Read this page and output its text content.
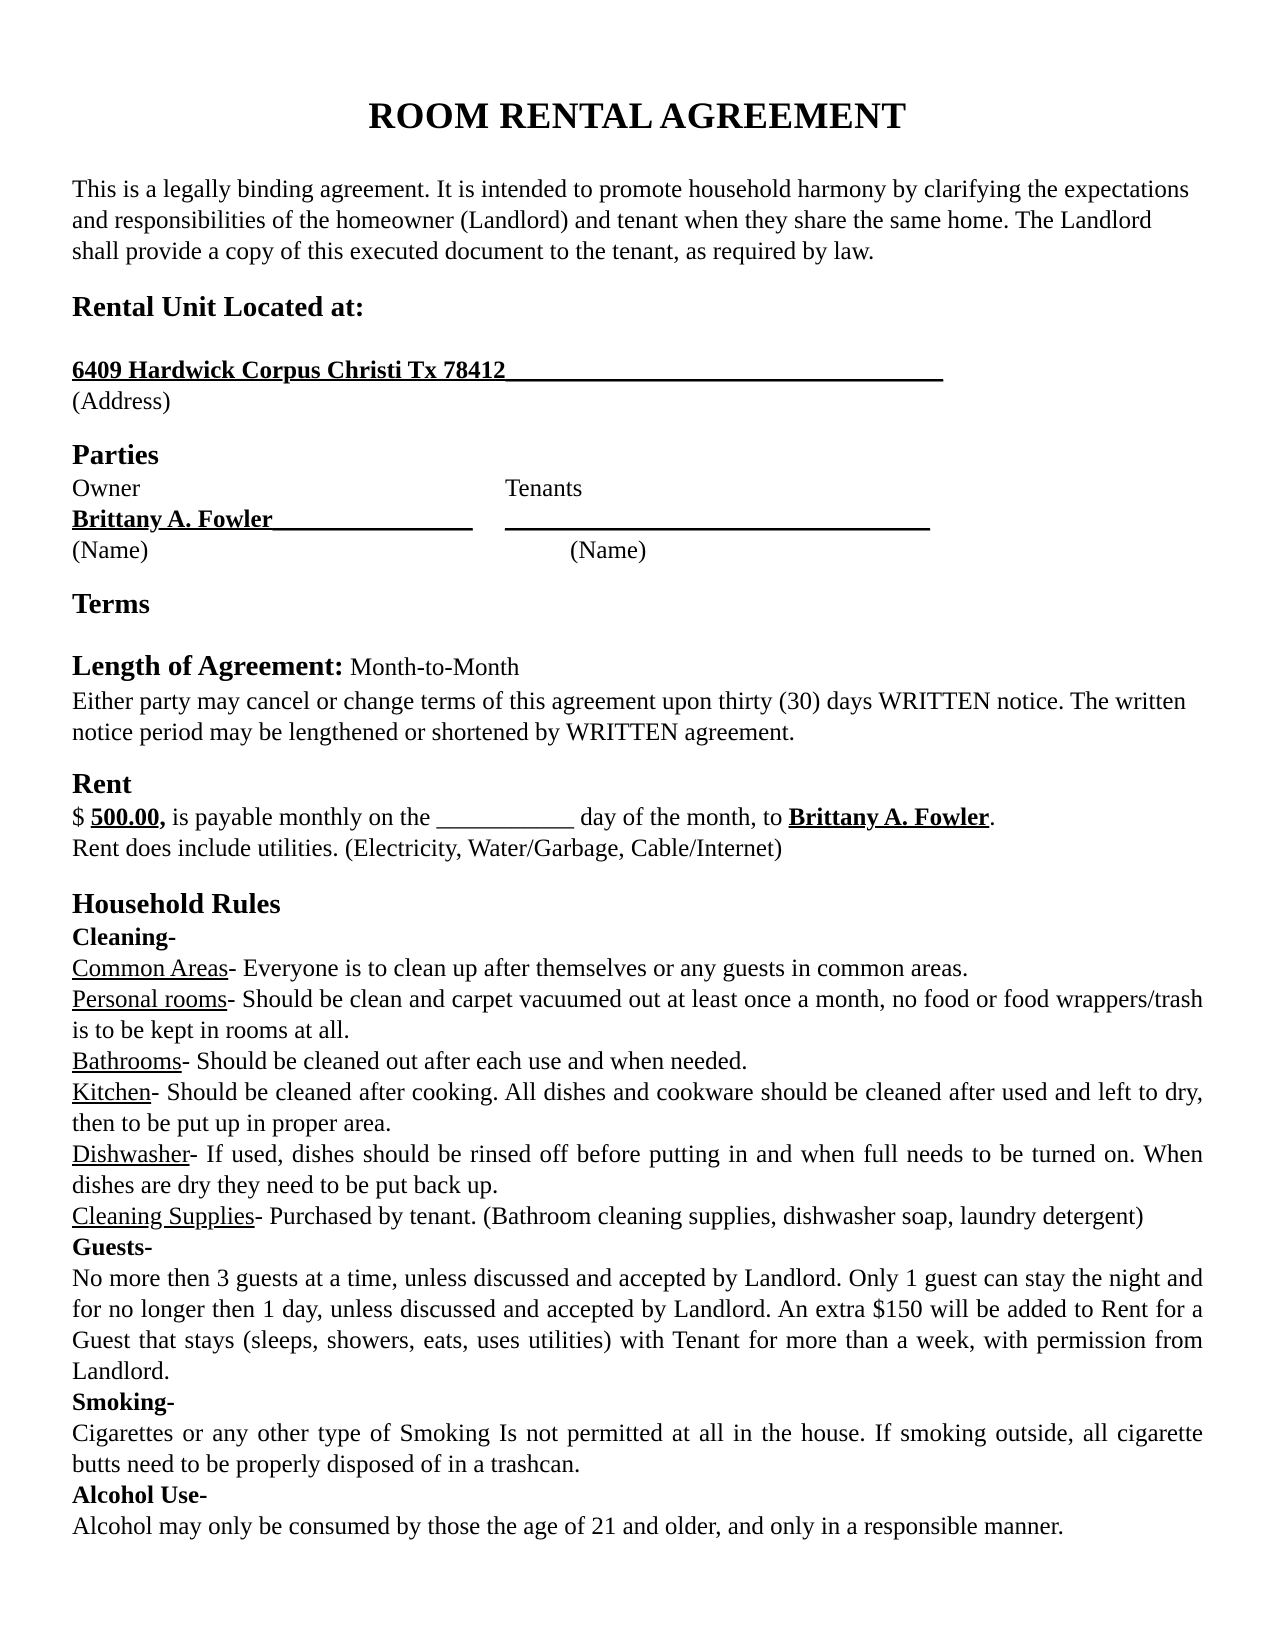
ROOM RENTAL AGREEMENT

This is a legally binding agreement. It is intended to promote household harmony by clarifying the expectations and responsibilities of the homeowner (Landlord) and tenant when they share the same home. The Landlord shall provide a copy of this executed document to the tenant, as required by law.

Rental Unit Located at:

6409 Hardwick Corpus Christi Tx 78412___________________________________

(Address)

Parties

Owner	Tenants
Brittany A. Fowler________________	__________________________________
(Name)	(Name)

Terms

Length of Agreement: Month-to-Month

Either party may cancel or change terms of this agreement upon thirty (30) days WRITTEN notice. The written notice period may be lengthened or shortened by WRITTEN agreement.

Rent

$ 500.00, is payable monthly on the ___________ day of the month, to Brittany A. Fowler.

Rent does include utilities. (Electricity, Water/Garbage, Cable/Internet)

Household Rules

Cleaning-

Common Areas- Everyone is to clean up after themselves or any guests in common areas.

Personal rooms- Should be clean and carpet vacuumed out at least once a month, no food or food wrappers/trash is to be kept in rooms at all.

Bathrooms- Should be cleaned out after each use and when needed.

Kitchen- Should be cleaned after cooking. All dishes and cookware should be cleaned after used and left to dry, then to be put up in proper area.

Dishwasher- If used, dishes should be rinsed off before putting in and when full needs to be turned on. When dishes are dry they need to be put back up.

Cleaning Supplies- Purchased by tenant. (Bathroom cleaning supplies, dishwasher soap, laundry detergent)

Guests-

No more then 3 guests at a time, unless discussed and accepted by Landlord. Only 1 guest can stay the night and for no longer then 1 day, unless discussed and accepted by Landlord. An extra $150 will be added to Rent for a Guest that stays (sleeps, showers, eats, uses utilities) with Tenant for more than a week, with permission from Landlord.

Smoking-

Cigarettes or any other type of Smoking Is not permitted at all in the house. If smoking outside, all cigarette butts need to be properly disposed of in a trashcan.

Alcohol Use-

Alcohol may only be consumed by those the age of 21 and older, and only in a responsible manner.
